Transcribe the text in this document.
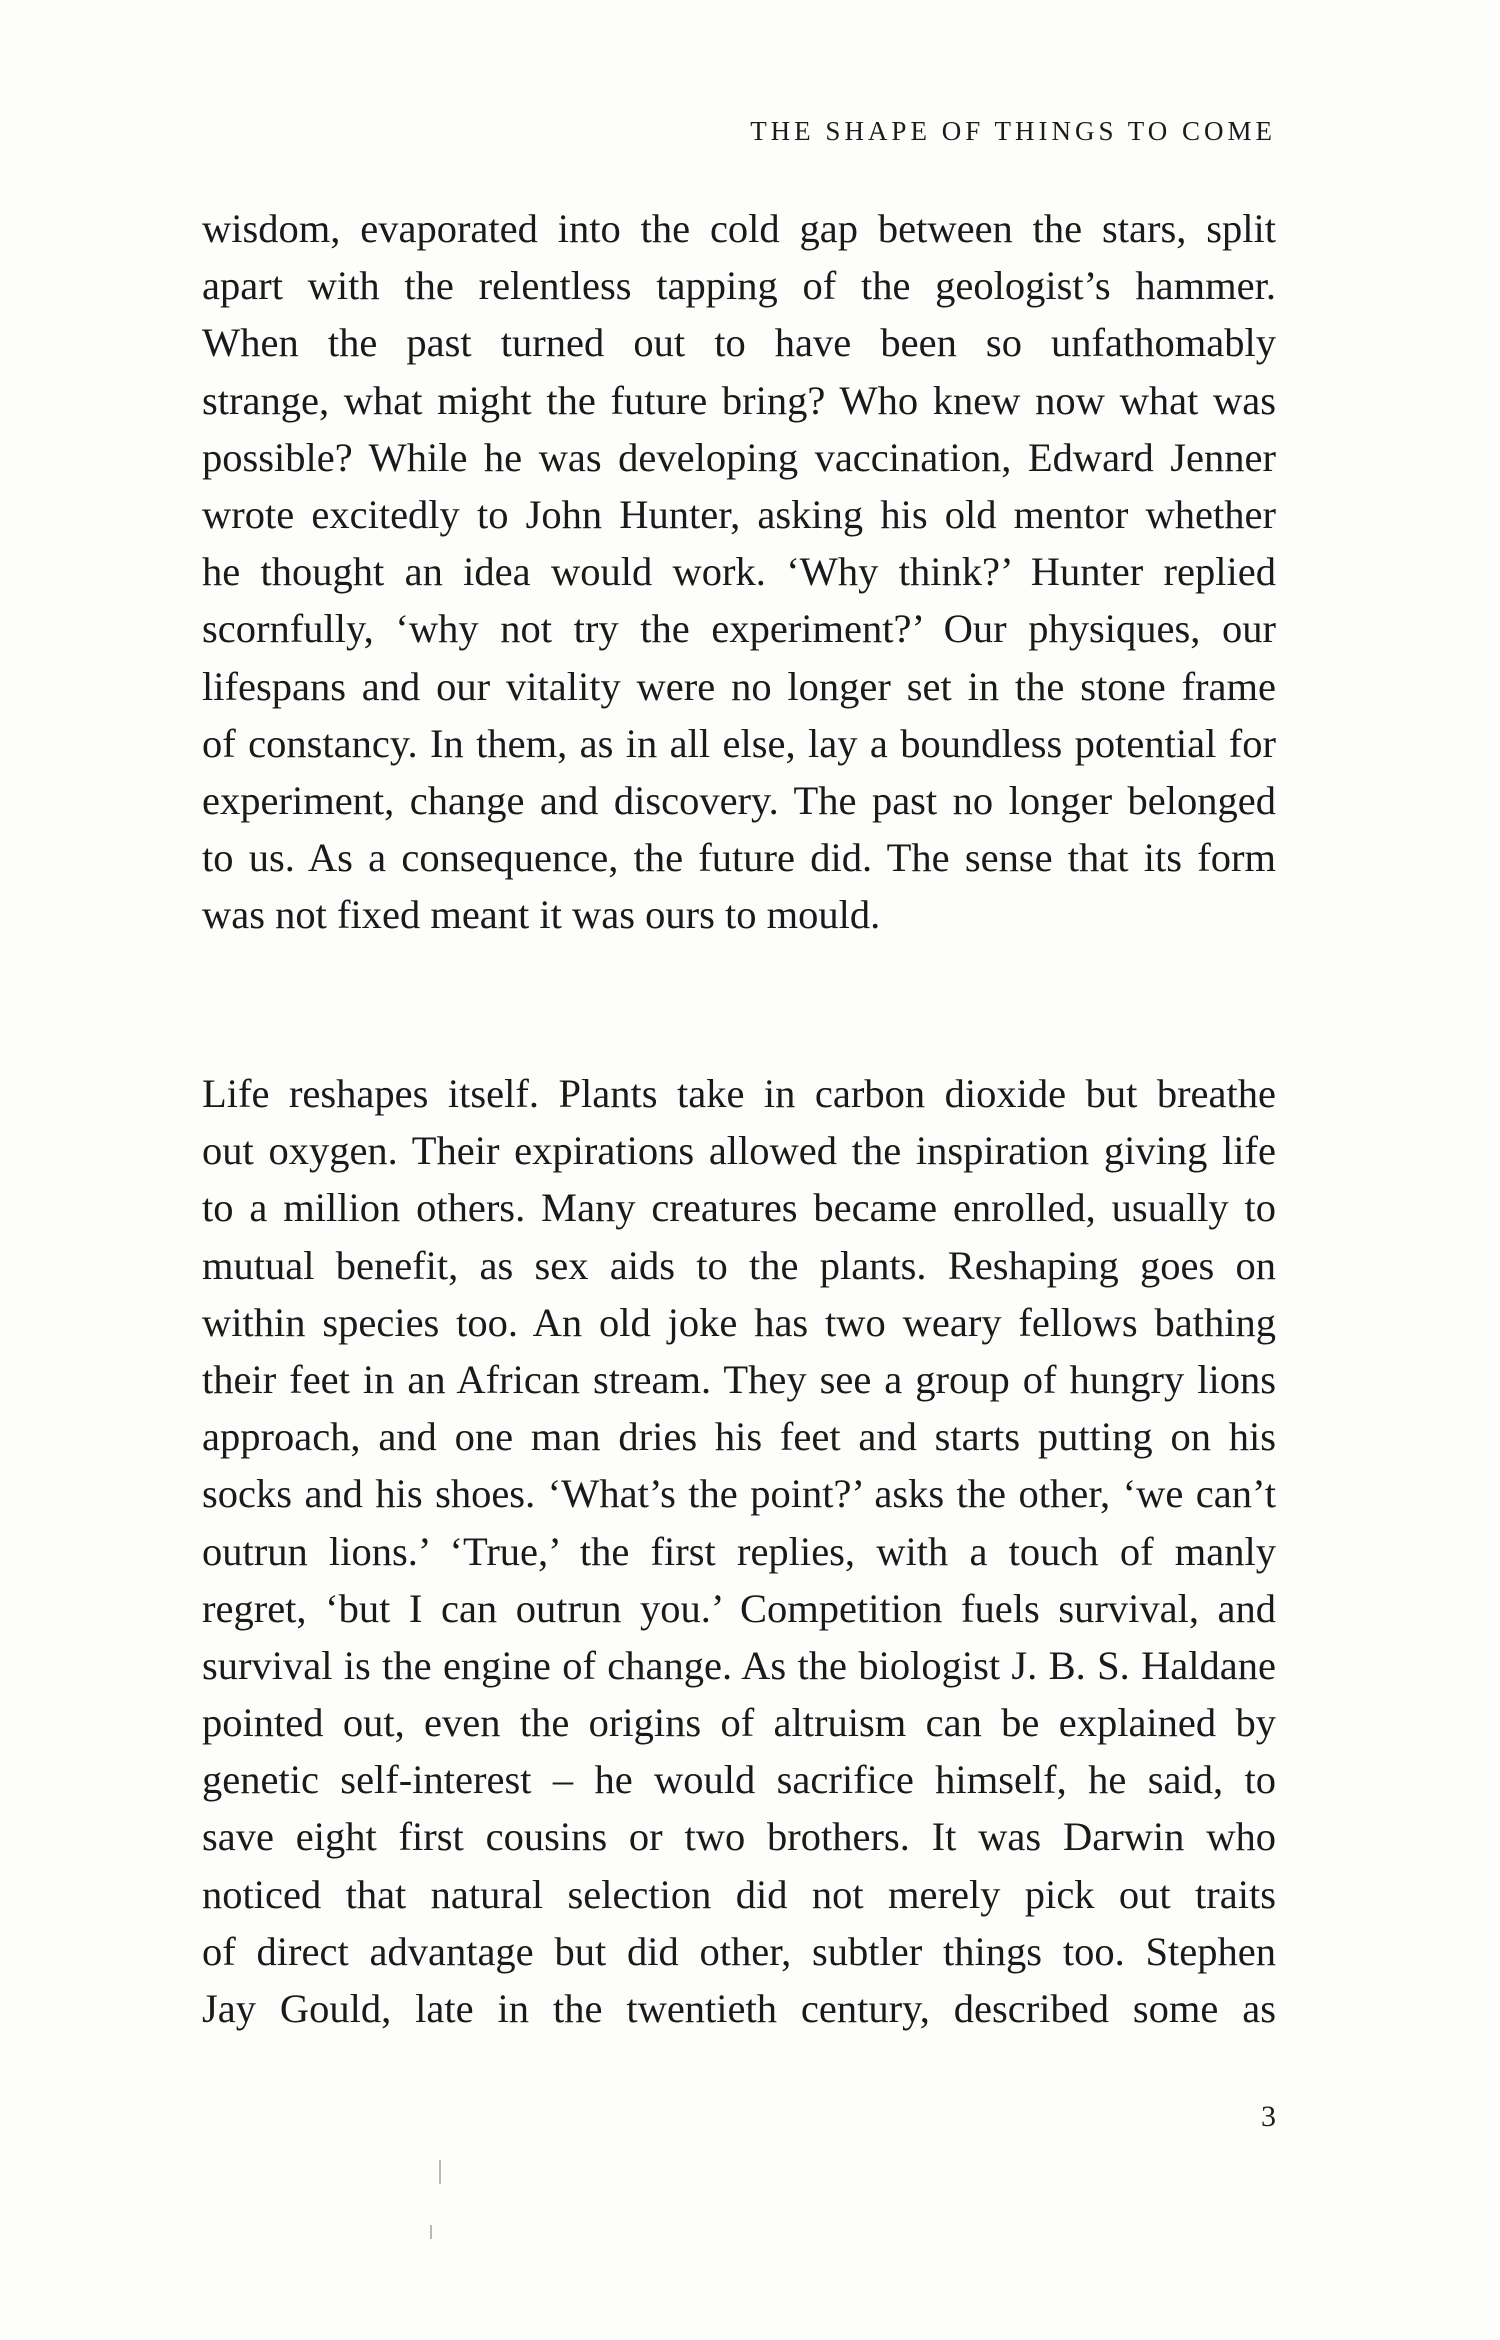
THE SHAPE OF THINGS TO COME
wisdom, evaporated into the cold gap between the stars, split
apart with the relentless tapping of the geologist’s hammer.
When the past turned out to have been so unfathomably
strange, what might the future bring? Who knew now what was
possible? While he was developing vaccination, Edward Jenner
wrote excitedly to John Hunter, asking his old mentor whether
he thought an idea would work. ‘Why think?’ Hunter replied
scornfully, ‘why not try the experiment?’ Our physiques, our
lifespans and our vitality were no longer set in the stone frame
of constancy. In them, as in all else, lay a boundless potential for
experiment, change and discovery. The past no longer belonged
to us. As a consequence, the future did. The sense that its form
was not fixed meant it was ours to mould.
Life reshapes itself. Plants take in carbon dioxide but breathe
out oxygen. Their expirations allowed the inspiration giving life
to a million others. Many creatures became enrolled, usually to
mutual benefit, as sex aids to the plants. Reshaping goes on
within species too. An old joke has two weary fellows bathing
their feet in an African stream. They see a group of hungry lions
approach, and one man dries his feet and starts putting on his
socks and his shoes. ‘What’s the point?’ asks the other, ‘we can’t
outrun lions.’ ‘True,’ the first replies, with a touch of manly
regret, ‘but I can outrun you.’ Competition fuels survival, and
survival is the engine of change. As the biologist J. B. S. Haldane
pointed out, even the origins of altruism can be explained by
genetic self-interest – he would sacrifice himself, he said, to
save eight first cousins or two brothers. It was Darwin who
noticed that natural selection did not merely pick out traits
of direct advantage but did other, subtler things too. Stephen
Jay Gould, late in the twentieth century, described some as
3
